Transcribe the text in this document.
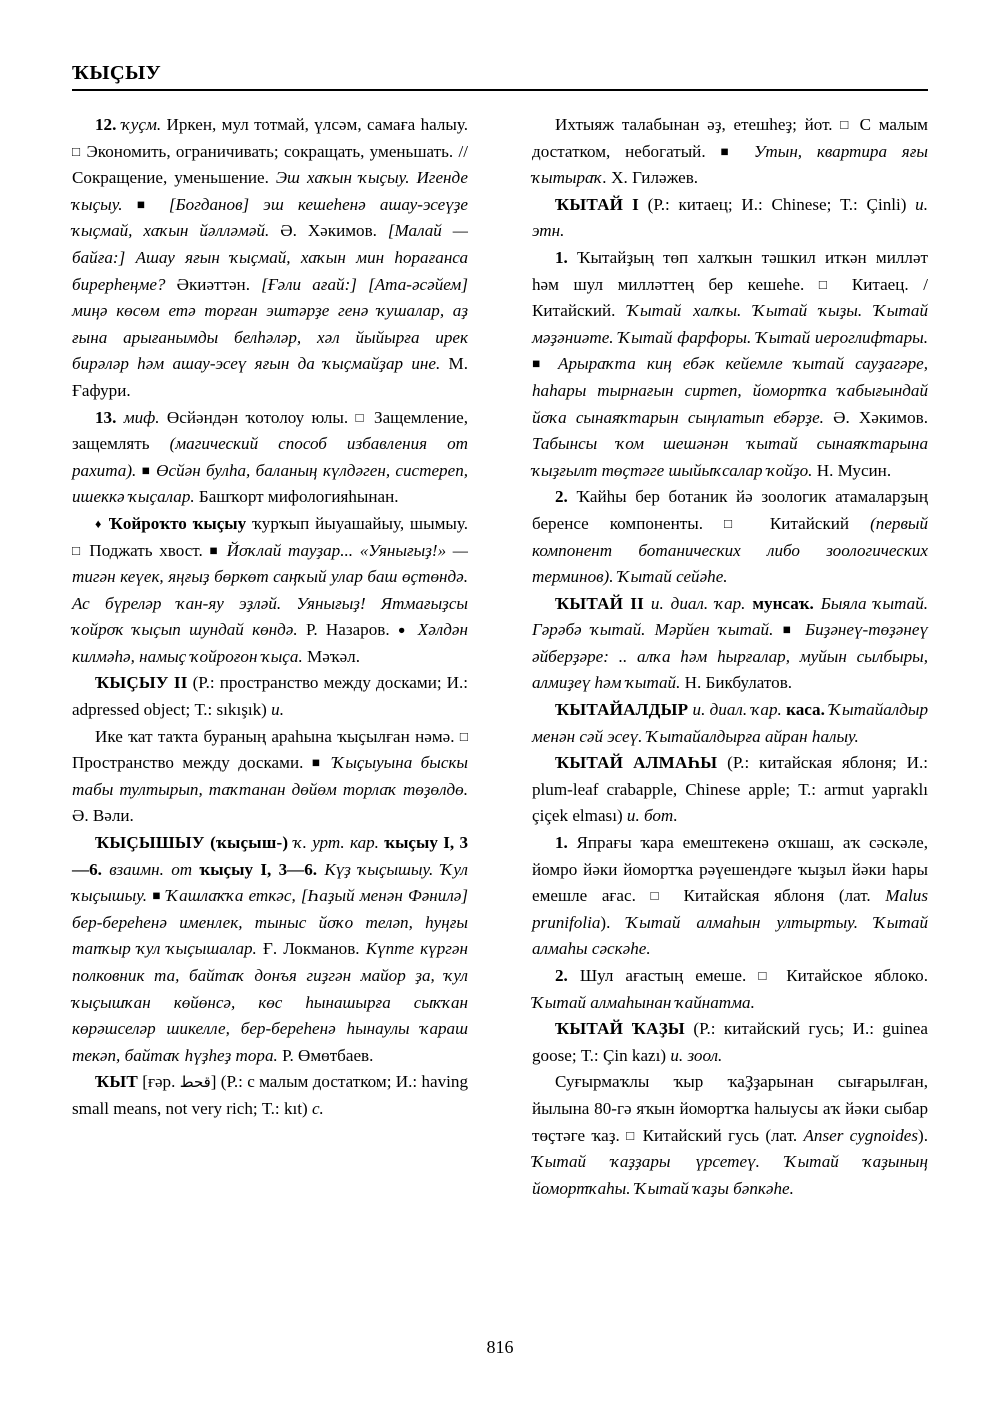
ҠЫҪЫУ

12. ҡуҫм. Иркен, мул тотмай, үлсәм, самаға һалыу. □ Экономить, ограничивать; сокращать, уменьшать. // Сокращение, уменьшение. Эш хаҡын ҡыҫыу. Игенде ҡыҫыу. ■ [Богданов] эш кешеһенә ашау-эсеүҙе ҡыҫмай, хаҡын йәлләмәй. Ә. Хәкимов. [Малай — байға:] Ашау яғын ҡыҫмай, хаҡын мин һорағанса бирерһеңме? Әкиәттән. [Ғәли ағай:] [Ата-әсәйем] миңә көсөм етә торған эштәрҙе генә ҡушалар, аҙ ғына арығанымды белһәләр, хәл йыйырға ирек бирәләр һәм ашау-эсеү яғын да ҡыҫмайҙар ине. М. Ғафури.

13. миф. Өсйәндән ҡотолоу юлы. □ Защемление, защемлять (магический способ избавления от рахита). ■ Өсйән булһа, баланың күлдәген, систереп, ишеккә ҡыҫалар. Башҡорт мифологияһынан.

♦ Ҡойроҡто ҡыҫыу ҡурҡып йыуашайыу, шымыу. □ Поджать хвост. ■ Йоҡлай тауҙар... «Уянығыҙ!» — тигән кеүек, яңғыҙ бөркөт саңҡый улар баш өҫтөндә. Ас бүреләр ҡан-яу эҙләй. Уянығыҙ! Ятмағыҙсы ҡойроҡ ҡыҫып шундай көндә. Р. Назаров. ● Хәлдән килмәһә, намыҫ ҡойроғон ҡыҫа. Мәҡәл.

ҠЫҪЫУ II (Р.: пространство между досками; И.: adpressed object; Т.: sıkışık) и.

Ике ҡат таҡта бураның араһына ҡыҫылған нәмә. □ Пространство между досками. ■ Ҡыҫыуына быскы табы тултырып, таҡтанан дөйөм торлаҡ төҙөлдө. Ә. Вәли.

ҠЫҪЫШЫУ (ҡыҫыш-) ҡ. урт. кар. ҡыҫыу I, 3—6. взаимн. от ҡыҫыу I, 3—6. Күҙ ҡыҫышыу. Ҡул ҡыҫышыу. ■ Ҡашлаҡҡа еткәс, [Һаҙый менән Фәнилә] бер-береһенә именлек, тыныс йоҡо теләп, һуңғы тапҡыр ҡул ҡыҫышалар. Ғ. Локманов. Күпте күргән полковник та, байтаҡ донъя гиҙгән майор ҙа, ҡул ҡыҫышҡан көйөнсә, көс һынашырға сыҡҡан көрәшселәр шикелле, бер-береһенә һынаулы ҡараш текәп, байтаҡ һүҙһеҙ тора. Р. Өмөтбаев.

ҠЫТ [ғәр. قحط] (Р.: с малым достатком; И.: having small means, not very rich; Т.: kıt) с.

Ихтыяж талабынан әҙ, етешһеҙ; йот. □ С малым достатком, небогатый. ■ Утын, квартира яғы ҡытыраҡ. Х. Гиләжев.

ҠЫТАЙ I (Р.: китаец; И.: Chinese; Т.: Çinli) и. этн.

1. Ҡытайҙың төп халҡын тәшкил иткән милләт һәм шул милләттең бер кешеһе. □ Китаец. / Китайский. Ҡытай халҡы. Ҡытай ҡыҙы. Ҡытай мәҙәниәте. Ҡытай фарфоры. Ҡытай иероглифтары. ■ Арыраҡта киң ебәк кейемле ҡытай сауҙагәре, һаһары тырнағын сиртеп, йомортҡа ҡабығындай йоҡа сынаяҡтарын сыңлатып ебәрҙе. Ә. Хәкимов. Табынсы ҡом шешәнән ҡытай сынаяҡтарына ҡыҙғылт төҫтәге шыйыҡсалар ҡойҙо. Н. Мусин.

2. Ҡайһы бер ботаник йә зоологик атамаларҙың беренсе компоненты. □ Китайский (первый компонент ботанических либо зоологических терминов). Ҡытай сейәһе.

ҠЫТАЙ II и. диал. ҡар. мунсаҡ. Быяла ҡытай. Гәрәбә ҡытай. Мәрйен ҡытай. ■ Биҙәнеү-төҙәнеү әйберҙәре: .. алҡа һәм һырғалар, муйын сылбыры, алмиҙеү һәм ҡытай. Н. Бикбулатов.

ҠЫТАЙАЛДЫР и. диал. ҡар. каса. Ҡытайалдыр менән сәй эсеү. Ҡытайалдырға айран һалыу.

ҠЫТАЙ АЛМАҺЫ (Р.: китайская яблоня; И.: plum-leaf crabapple, Chinese apple; Т.: armut yapraklı çiçek elması) и. бот.

1. Япрағы ҡара емештекенә оҡшаш, аҡ сәскәле, йомро йәки йомортҡа рәүешендәге ҡыҙыл йәки һары емешле ағас. □ Китайская яблоня (лат. Malus prunifolia). Ҡытай алмаһын ултыртыу. Ҡытай алмаһы сәскәһе.

2. Шул ағастың емеше. □ Китайское яблоко. Ҡытай алмаһынан ҡайнатма.

ҠЫТАЙ ҠАҘЫ (Р.: китайский гусь; И.: guinea goose; Т.: Çin kazı) и. зоол.

Суғырмаҡлы ҡыр ҡаҘҙарынан сығарылған, йылына 80-гә яҡын йомортҡа һалыусы аҡ йәки сыбар төҫтәге ҡаҙ. □ Китайский гусь (лат. Anser cygnoides). Ҡытай ҡаҙҙары үрсетеү. Ҡытай ҡаҙының йомортҡаһы. Ҡытай ҡаҙы бәпкәһе.

816
